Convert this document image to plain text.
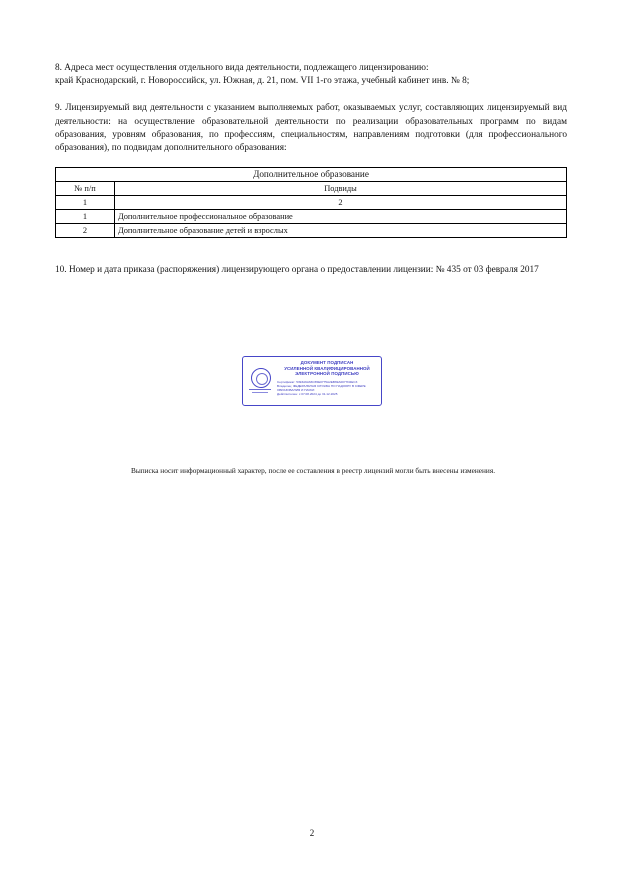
8. Адреса мест осуществления отдельного вида деятельности, подлежащего лицензированию:
край Краснодарский, г. Новороссийск, ул. Южная, д. 21, пом. VII 1-го этажа, учебный кабинет инв. № 8;

9. Лицензируемый вид деятельности с указанием выполняемых работ, оказываемых услуг, составляющих лицензируемый вид деятельности: на осуществление образовательной деятельности по реализации образовательных программ по видам образования, уровням образования, по профессиям, специальностям, направлениям подготовки (для профессионального образования), по подвидам дополнительного образования:

Дополнительное образование	
№ п/п	Подвиды
1	2
1	Дополнительное профессиональное образование
2	Дополнительное образование детей и взрослых

10. Номер и дата приказа (распоряжения) лицензирующего органа о предоставлении лицензии: № 435 от 03 февраля 2017

ДОКУМЕНТ ПОДПИСАН
УСИЛЕННОЙ КВАЛИФИЦИРОВАННОЙ
ЭЛЕКТРОННОЙ ПОДПИСЬЮ
Сертификат: 5393A6A63C65E0775A2EB69A0077D2EC3
Владелец: ФЕДЕРАЛЬНАЯ СЛУЖБА ПО НАДЗОРУ В СФЕРЕ ОБРАЗОВАНИЯ И НАУКИ
Действителен: с 07.08.2024 до 31.12.2025
Выписка носит информационный характер, после ее составления в реестр лицензий могли быть внесены изменения.
2
